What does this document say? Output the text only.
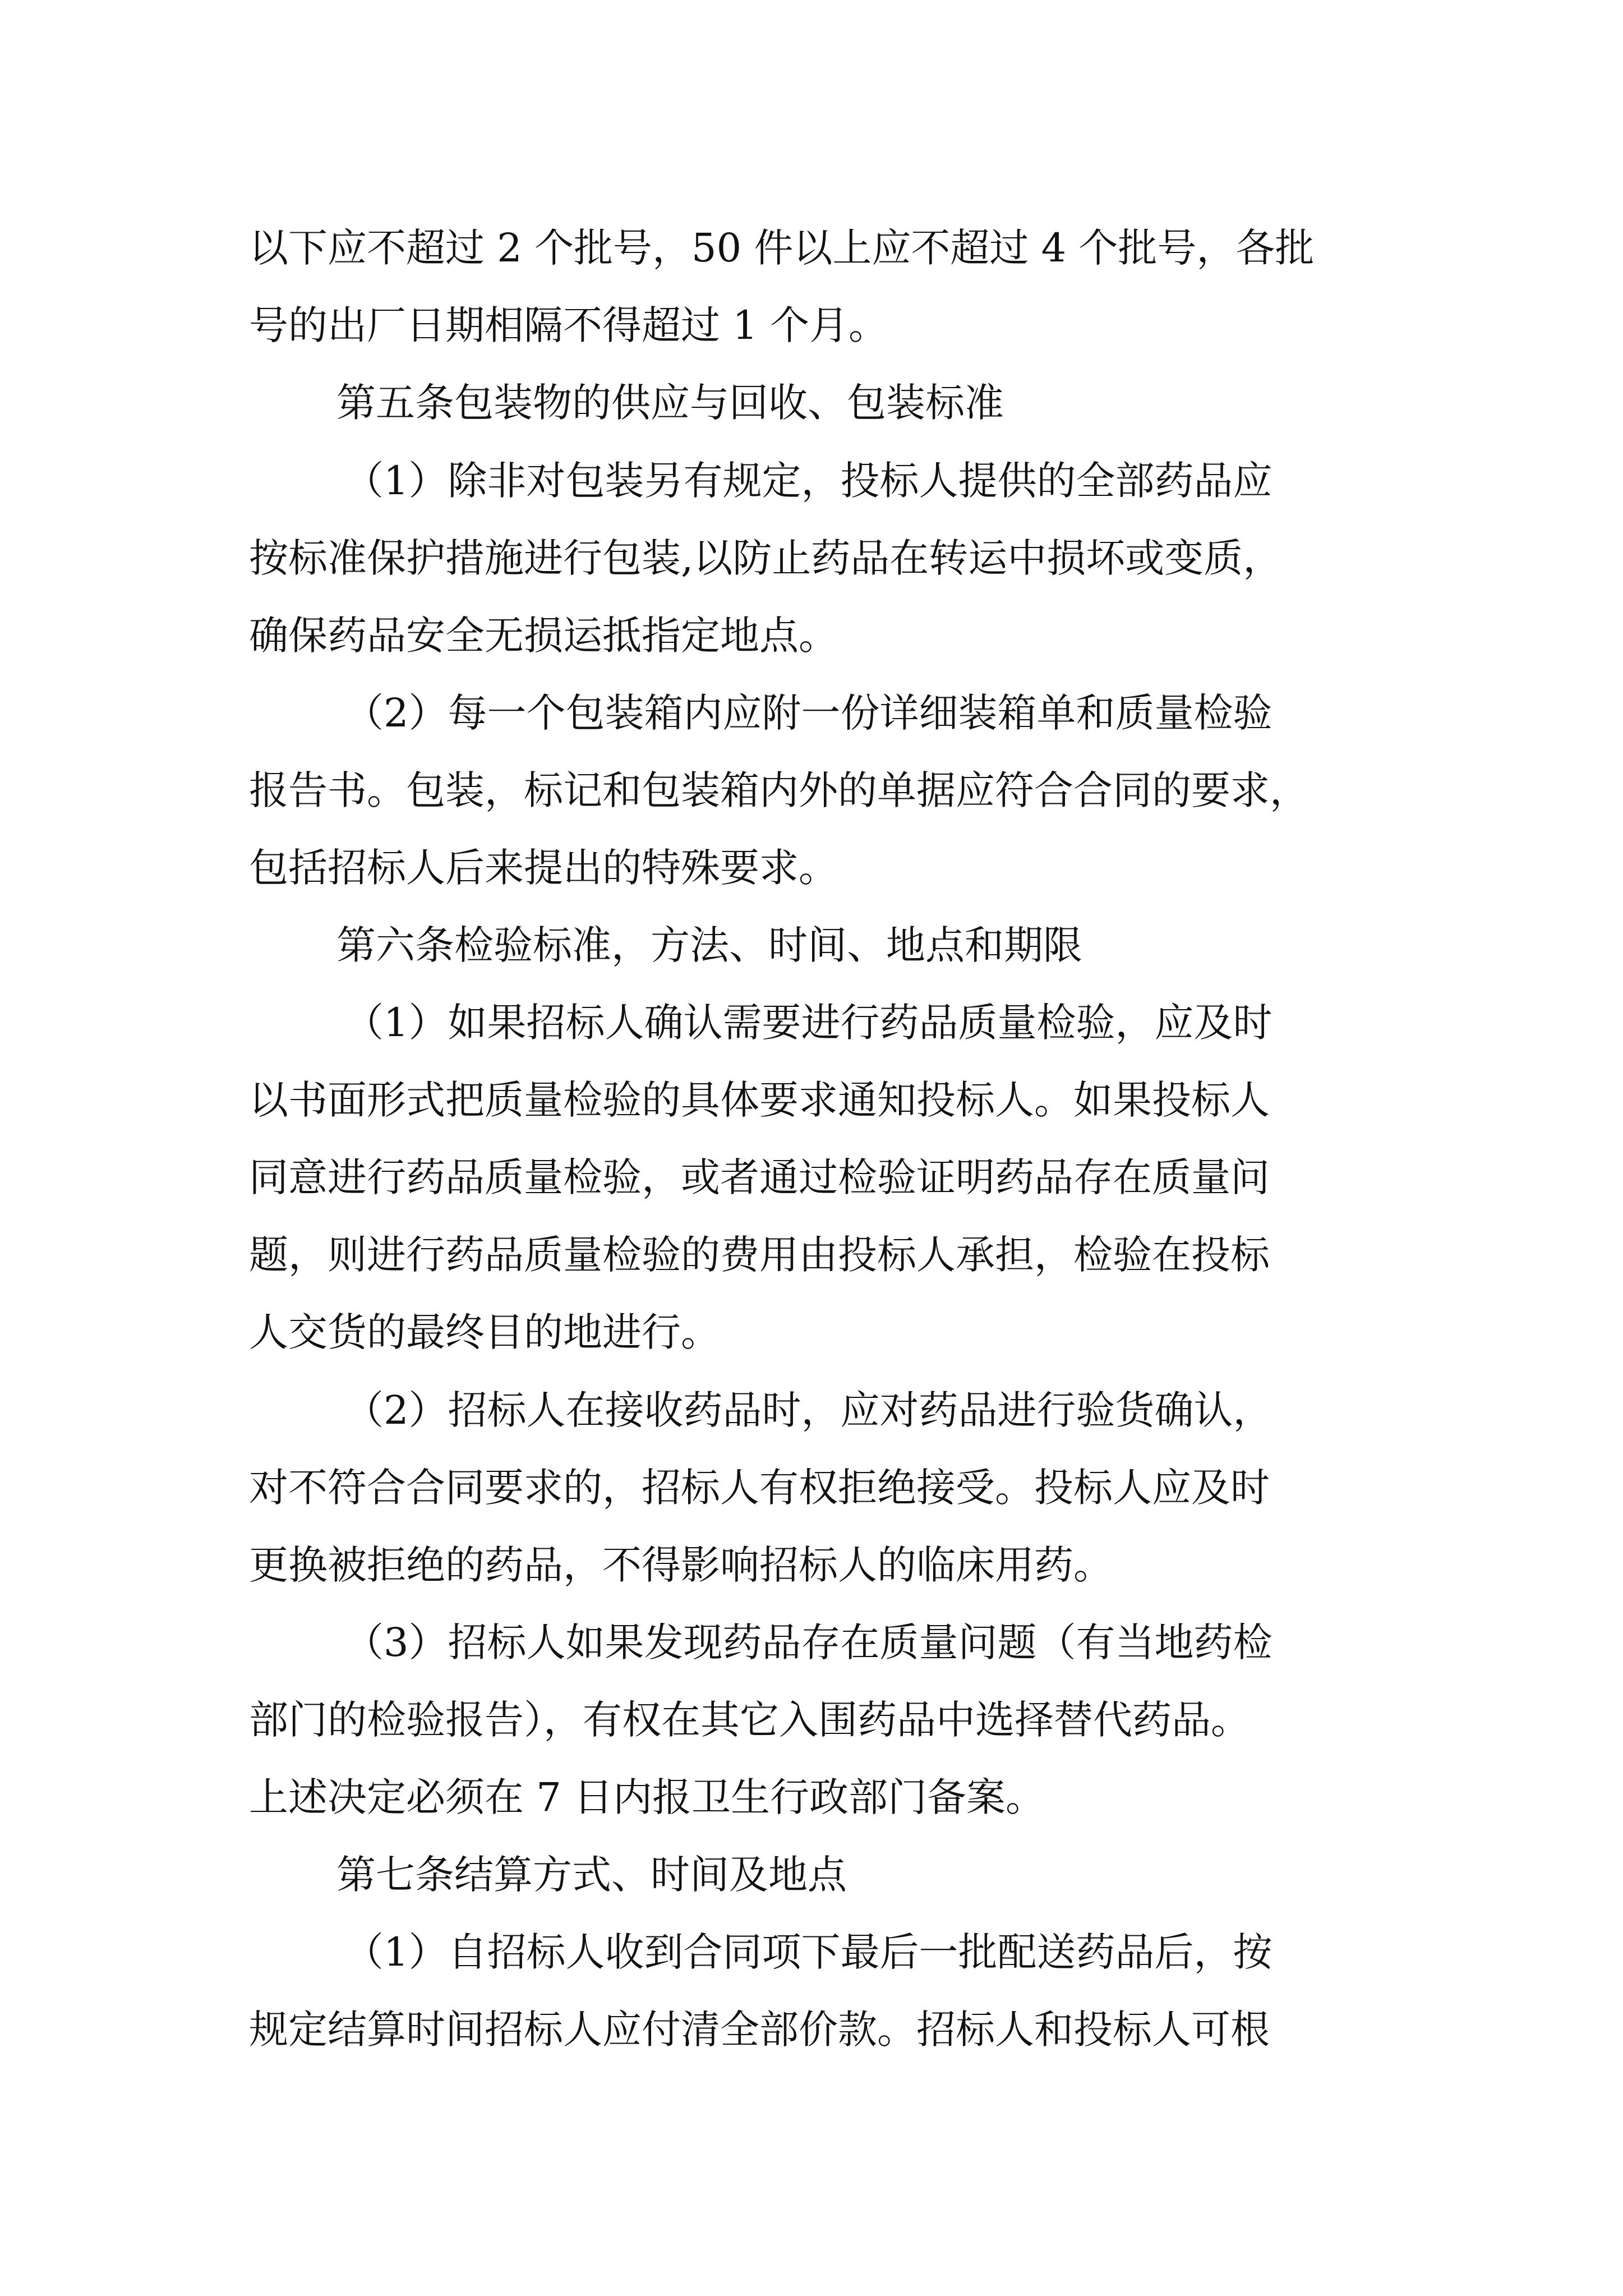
以下应不超过 2 个批号，50 件以上应不超过 4 个批号，各批
号的出厂日期相隔不得超过 1 个月。
第五条包装物的供应与回收、包装标准
（1）除非对包装另有规定，投标人提供的全部药品应
按标准保护措施进行包装,以防止药品在转运中损坏或变质，
确保药品安全无损运抵指定地点。
（2）每一个包装箱内应附一份详细装箱单和质量检验
报告书。包装，标记和包装箱内外的单据应符合合同的要求，
包括招标人后来提出的特殊要求。
第六条检验标准，方法、时间、地点和期限
（1）如果招标人确认需要进行药品质量检验，应及时
以书面形式把质量检验的具体要求通知投标人。如果投标人
同意进行药品质量检验，或者通过检验证明药品存在质量问
题，则进行药品质量检验的费用由投标人承担，检验在投标
人交货的最终目的地进行。
（2）招标人在接收药品时，应对药品进行验货确认，
对不符合合同要求的，招标人有权拒绝接受。投标人应及时
更换被拒绝的药品，不得影响招标人的临床用药。
（3）招标人如果发现药品存在质量问题（有当地药检
部门的检验报告），有权在其它入围药品中选择替代药品。
上述决定必须在 7 日内报卫生行政部门备案。
第七条结算方式、时间及地点
（1）自招标人收到合同项下最后一批配送药品后，按
规定结算时间招标人应付清全部价款。招标人和投标人可根
